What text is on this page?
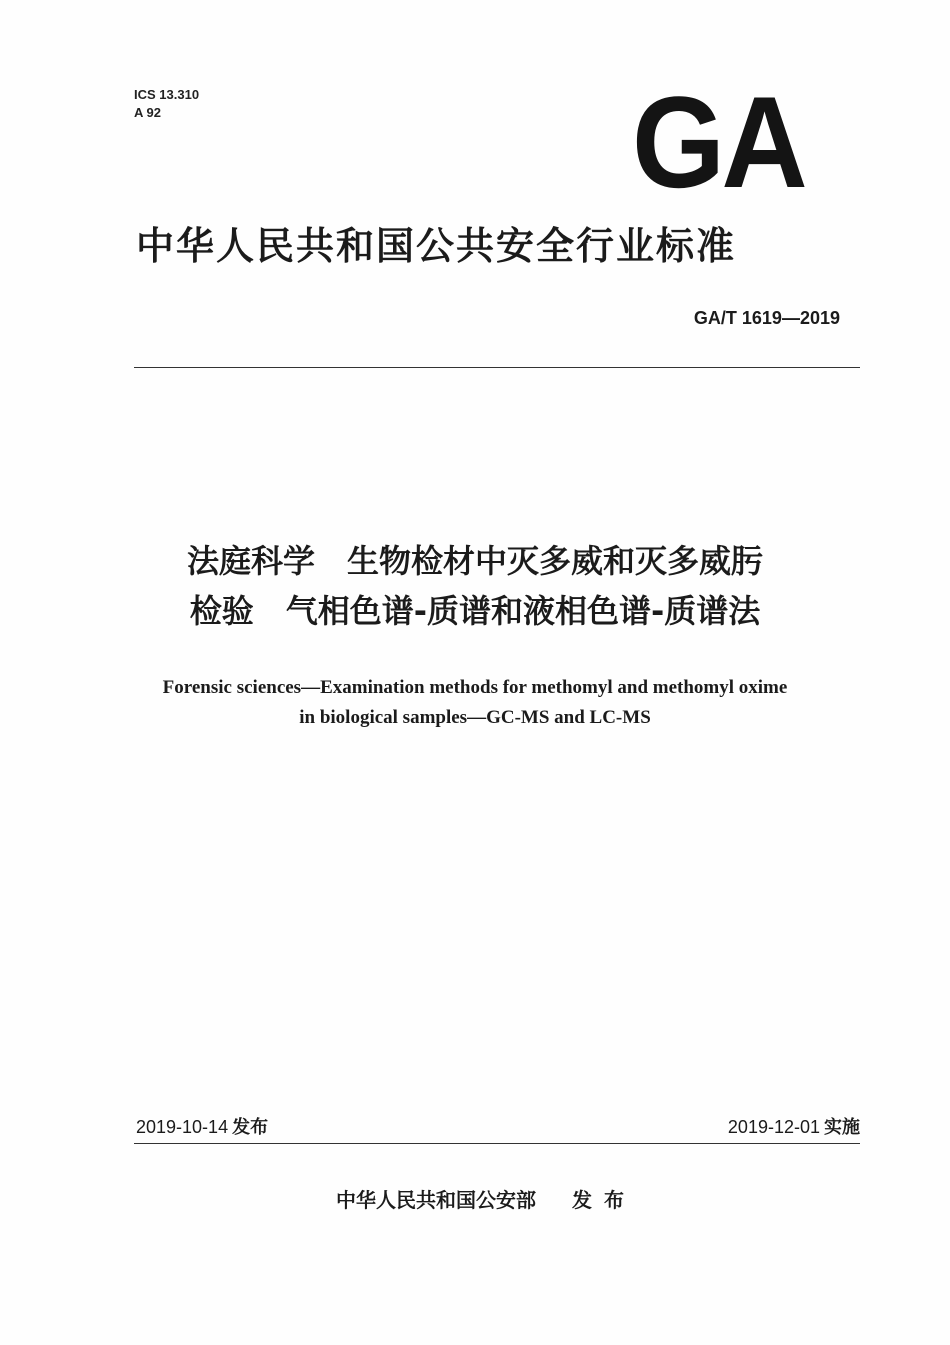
ICS 13.310
A 92	GA
中华人民共和国公共安全行业标准
GA/T 1619—2019
法庭科学　生物检材中灭多威和灭多威肟
检验　气相色谱-质谱和液相色谱-质谱法
Forensic sciences—Examination methods for methomyl and methomyl oxime
in biological samples—GC-MS and LC-MS
2019-10-14 发布	2019-12-01 实施
中华人民共和国公安部 发布
